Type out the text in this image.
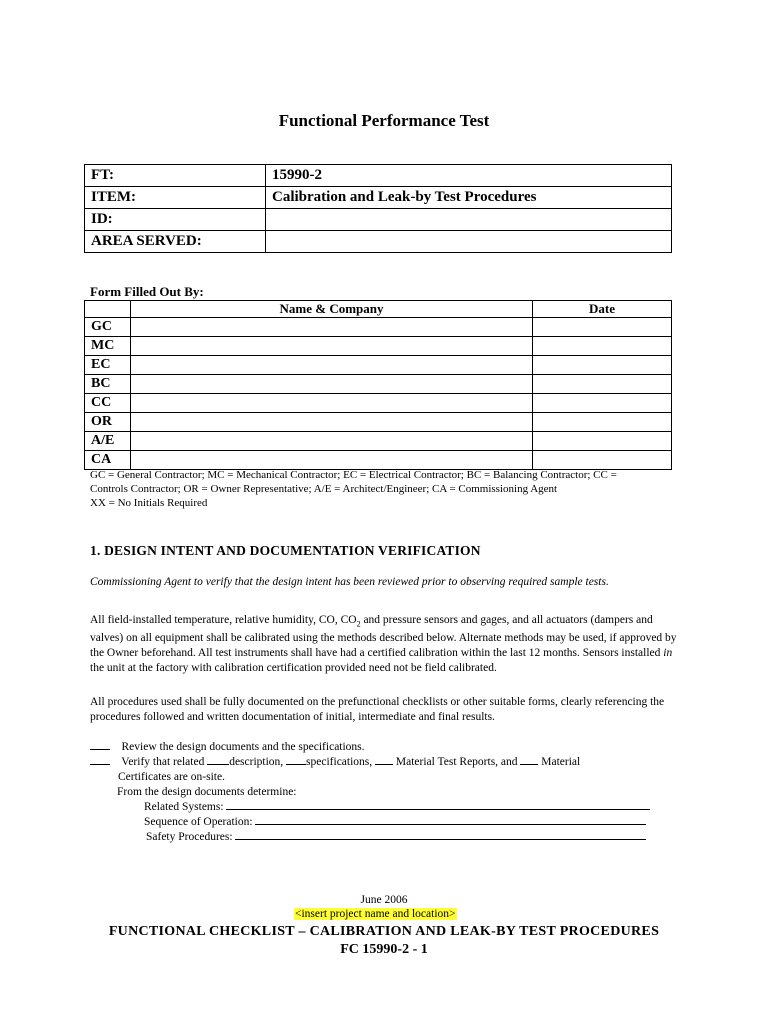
Functional Performance Test
FT:	15990-2
ITEM:	Calibration and Leak-by Test Procedures
ID:	
AREA SERVED:	
Form Filled Out By:
	Name & Company	Date
GC		
MC		
EC		
BC		
CC		
OR		
A/E		
CA		
GC = General Contractor; MC = Mechanical Contractor; EC = Electrical Contractor; BC = Balancing Contractor; CC =
Controls Contractor; OR = Owner Representative; A/E = Architect/Engineer; CA = Commissioning Agent
XX = No Initials Required
1. DESIGN INTENT AND DOCUMENTATION VERIFICATION
Commissioning Agent to verify that the design intent has been reviewed prior to observing required sample tests.
All field-installed temperature, relative humidity, CO, $CO_2$ and pressure sensors and gages, and all actuators (dampers and valves) on all equipment shall be calibrated using the methods described below. Alternate methods may be used, if approved by the Owner beforehand. All test instruments shall have had a certified calibration within the last 12 months. Sensors installed in the unit at the factory with calibration certification provided need not be field calibrated.
All procedures used shall be fully documented on the prefunctional checklists or other suitable forms, clearly referencing the procedures followed and written documentation of initial, intermediate and final results.
Review the design documents and the specifications.
Verify that related description, specifications,  Material Test Reports, and  Material
Certificates are on-site.
From the design documents determine:
Related Systems:
Sequence of Operation:
Safety Procedures:
June 2006
<insert project name and location>
FUNCTIONAL CHECKLIST – CALIBRATION AND LEAK-BY TEST PROCEDURES
FC 15990-2 - 1
